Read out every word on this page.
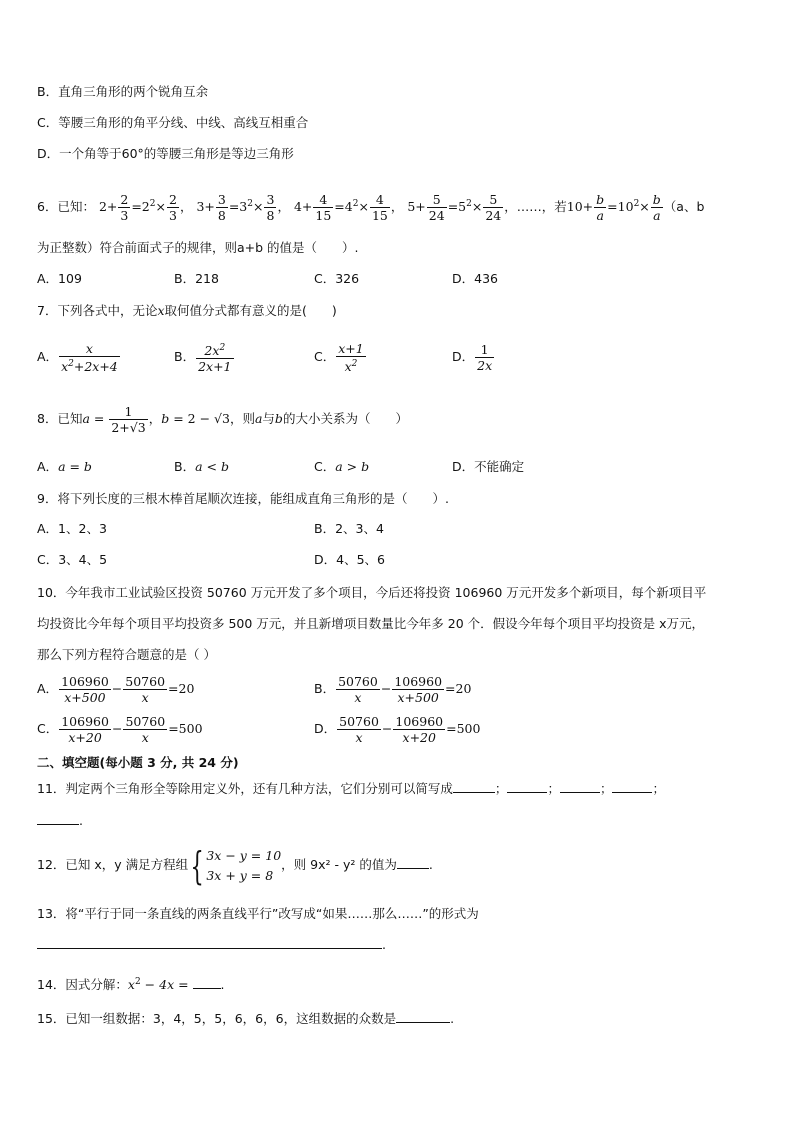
B．直角三角形的两个锐角互余
C．等腰三角形的角平分线、中线、高线互相重合
D．一个角等于60°的等腰三角形是等边三角形
6．已知： $2+ \frac{2}{3} =2^2\times \frac{2}{3}$ ， $3+ \frac{3}{8} =3^2\times \frac{3}{8}$ ， $4+ \frac{4}{15} =4^2\times \frac{4}{15}$ ， $5+ \frac{5}{24} =5^2\times \frac{5}{24}$ ，……，若$10+ \frac{b}{a} =10^2\times \frac{b}{a} (a$、b
为正整数）符合前面式子的规律，则a+b 的值是（　　）.
A．109	B．218	C．326	D．436
7．下列各式中，无论x取何值分式都有意义的是(　　)
A． $\frac{x}{x^2+2x+4}$	B． $\frac{2x^2}{2x+1}$	C． $\frac{x+1}{x^2}$	D． $\frac{1}{2x}$
8．已知$a = \frac{1}{2+√3}$ ，b = 2 − √3，则a与b的大小关系为（　　）
A．a = b	B．a < b	C．a > b	D．不能确定
9．将下列长度的三根木棒首尾顺次连接，能组成直角三角形的是（　　）.
A．1、2、3	B．2、3、4
C．3、4、5	D．4、5、6
10．今年我市工业试验区投资 50760 万元开发了多个项目，今后还将投资 106960 万元开发多个新项目，每个新项目平
均投资比今年每个项目平均投资多 500 万元，并且新增项目数量比今年多 20 个．假设今年每个项目平均投资是 x万元，
那么下列方程符合题意的是（ ）
A． $\frac{106960}{x+500} - \frac{50760}{x} =20$	B． $\frac{50760}{x} - \frac{106960}{x+500} =20$
C． $\frac{106960}{x+20} - \frac{50760}{x} =500$	D． $\frac{50760}{x} - \frac{106960}{x+20} =500$
二、填空题(每小题 3 分, 共 24 分)
11．判定两个三角形全等除用定义外，还有几种方法，它们分别可以简写成	；	；	；	；
.
12．已知 x，y 满足方程组{ 3x − y = 10
3x + y = 8，则 9x² - y² 的值为	.
13．将“平行于同一条直线的两条直线平行”改写成“如果……那么……”的形式为
.
14．因式分解：$x^2 - 4x$ = .
15．已知一组数据：3，4，5，5，6，6，6，这组数据的众数是	.
